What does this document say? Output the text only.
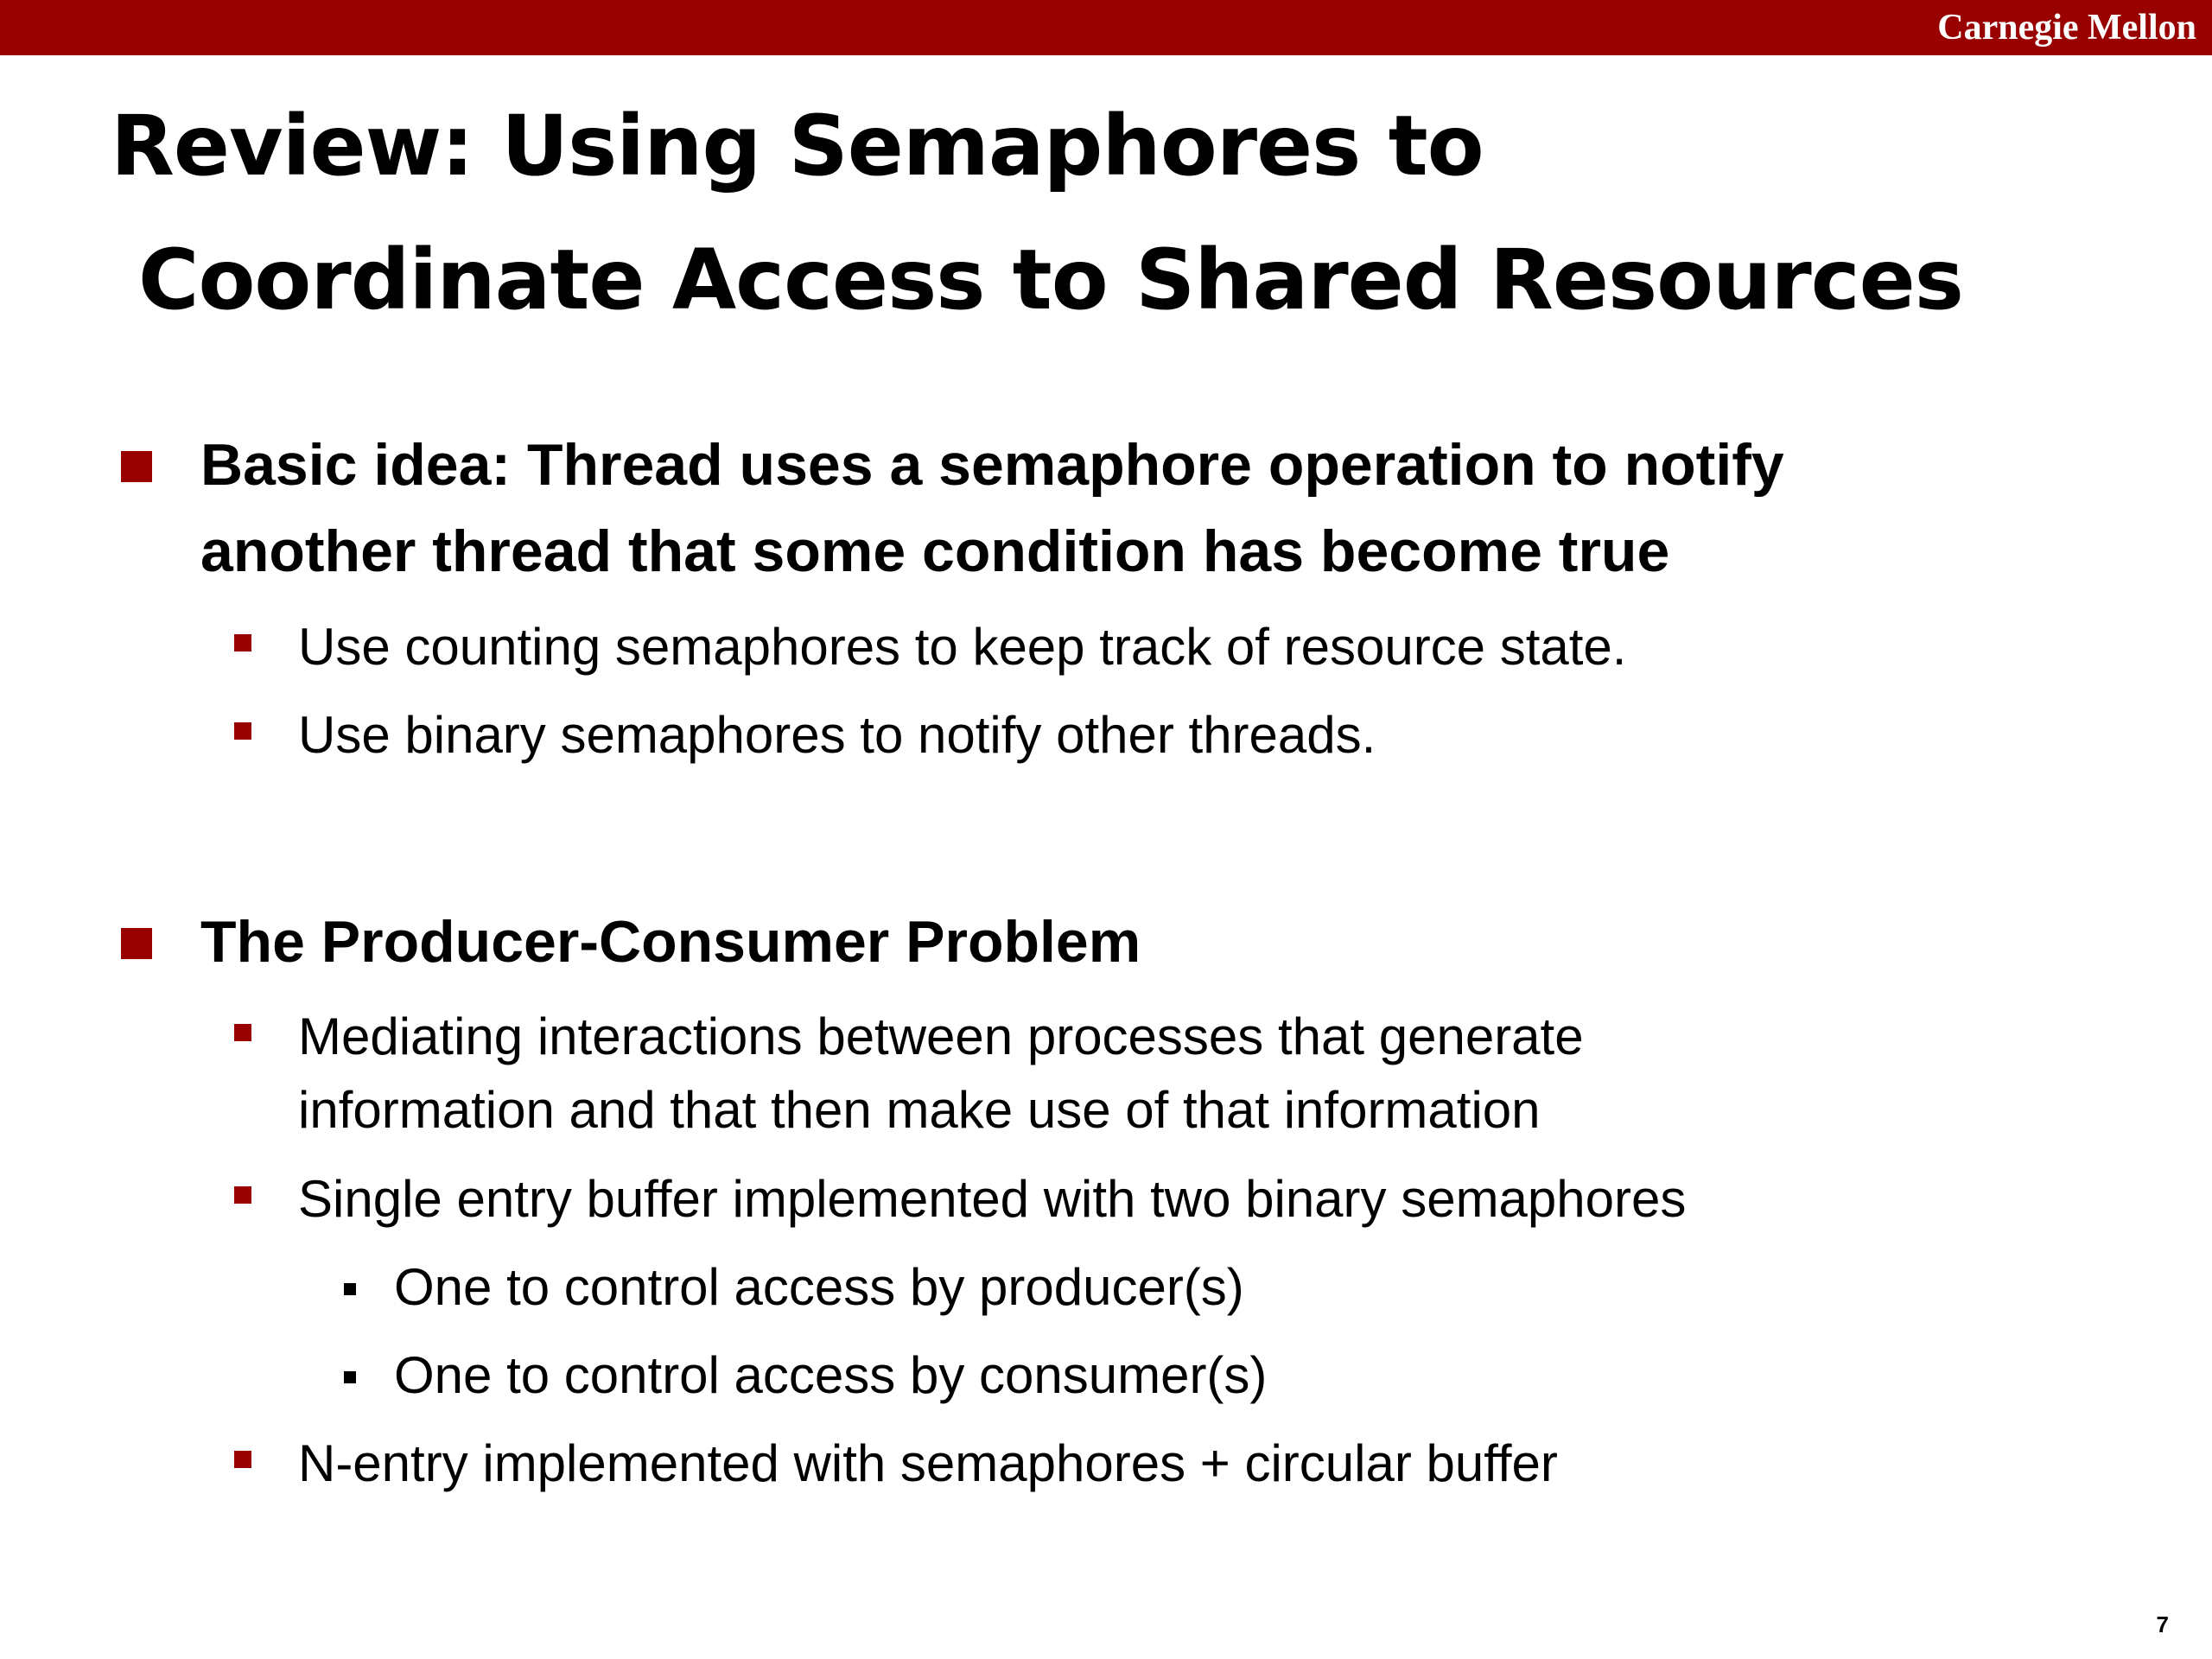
Carnegie Mellon
Review: Using Semaphores to
Coordinate Access to Shared Resources
Basic idea: Thread uses a semaphore operation to notify
another thread that some condition has become true
Use counting semaphores to keep track of resource state.
Use binary semaphores to notify other threads.
The Producer-Consumer Problem
Mediating interactions between processes that generate
information and that then make use of that information
Single entry buffer implemented with two binary semaphores
One to control access by producer(s)
One to control access by consumer(s)
N-entry implemented with semaphores + circular buffer
7
